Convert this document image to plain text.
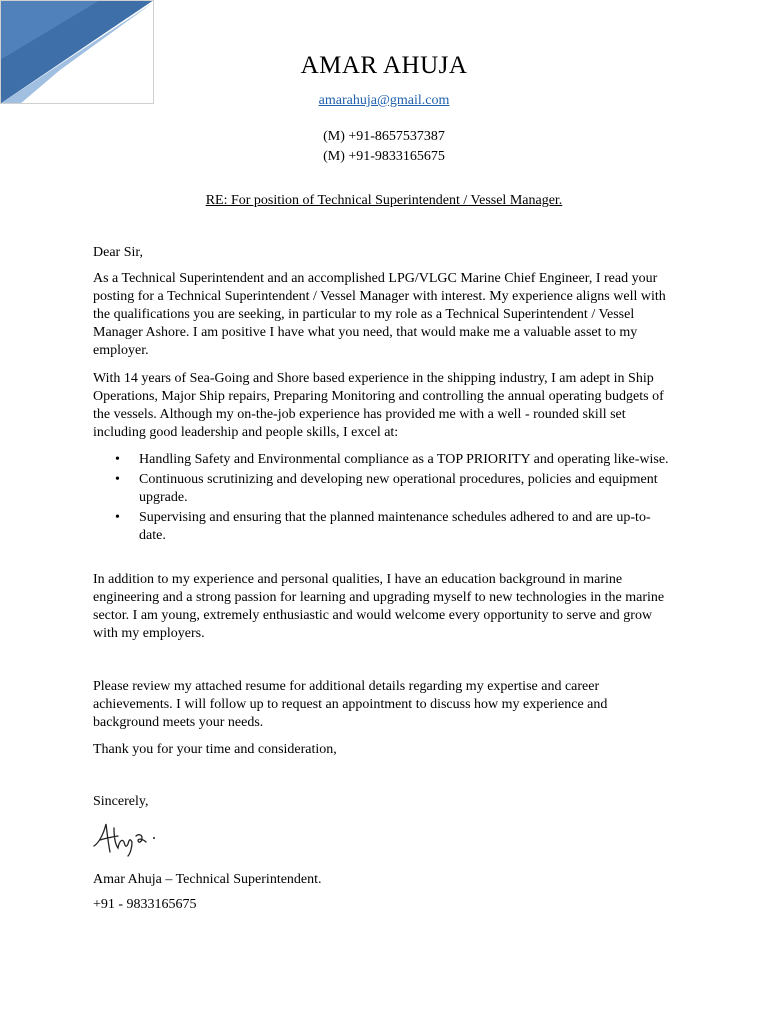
AMAR AHUJA
amarahuja@gmail.com
(M) +91-8657537387
(M) +91-9833165675
RE: For position of Technical Superintendent / Vessel Manager.

Dear Sir,

As a Technical Superintendent and an accomplished LPG/VLGC Marine Chief Engineer, I read your posting for a Technical Superintendent / Vessel Manager with interest. My experience aligns well with the qualifications you are seeking, in particular to my role as a Technical Superintendent / Vessel Manager Ashore. I am positive I have what you need, that would make me a valuable asset to my employer.

With 14 years of Sea-Going and Shore based experience in the shipping industry, I am adept in Ship Operations, Major Ship repairs, Preparing Monitoring and controlling the annual operating budgets of the vessels. Although my on-the-job experience has provided me with a well - rounded skill set including good leadership and people skills, I excel at:

• Handling Safety and Environmental compliance as a TOP PRIORITY and operating like-wise.
• Continuous scrutinizing and developing new operational procedures, policies and equipment upgrade.
• Supervising and ensuring that the planned maintenance schedules adhered to and are up-to-date.

In addition to my experience and personal qualities, I have an education background in marine engineering and a strong passion for learning and upgrading myself to new technologies in the marine sector. I am young, extremely enthusiastic and would welcome every opportunity to serve and grow with my employers.

Please review my attached resume for additional details regarding my expertise and career achievements. I will follow up to request an appointment to discuss how my experience and background meets your needs.

Thank you for your time and consideration,

Sincerely,

Amar Ahuja – Technical Superintendent.

+91 - 9833165675
